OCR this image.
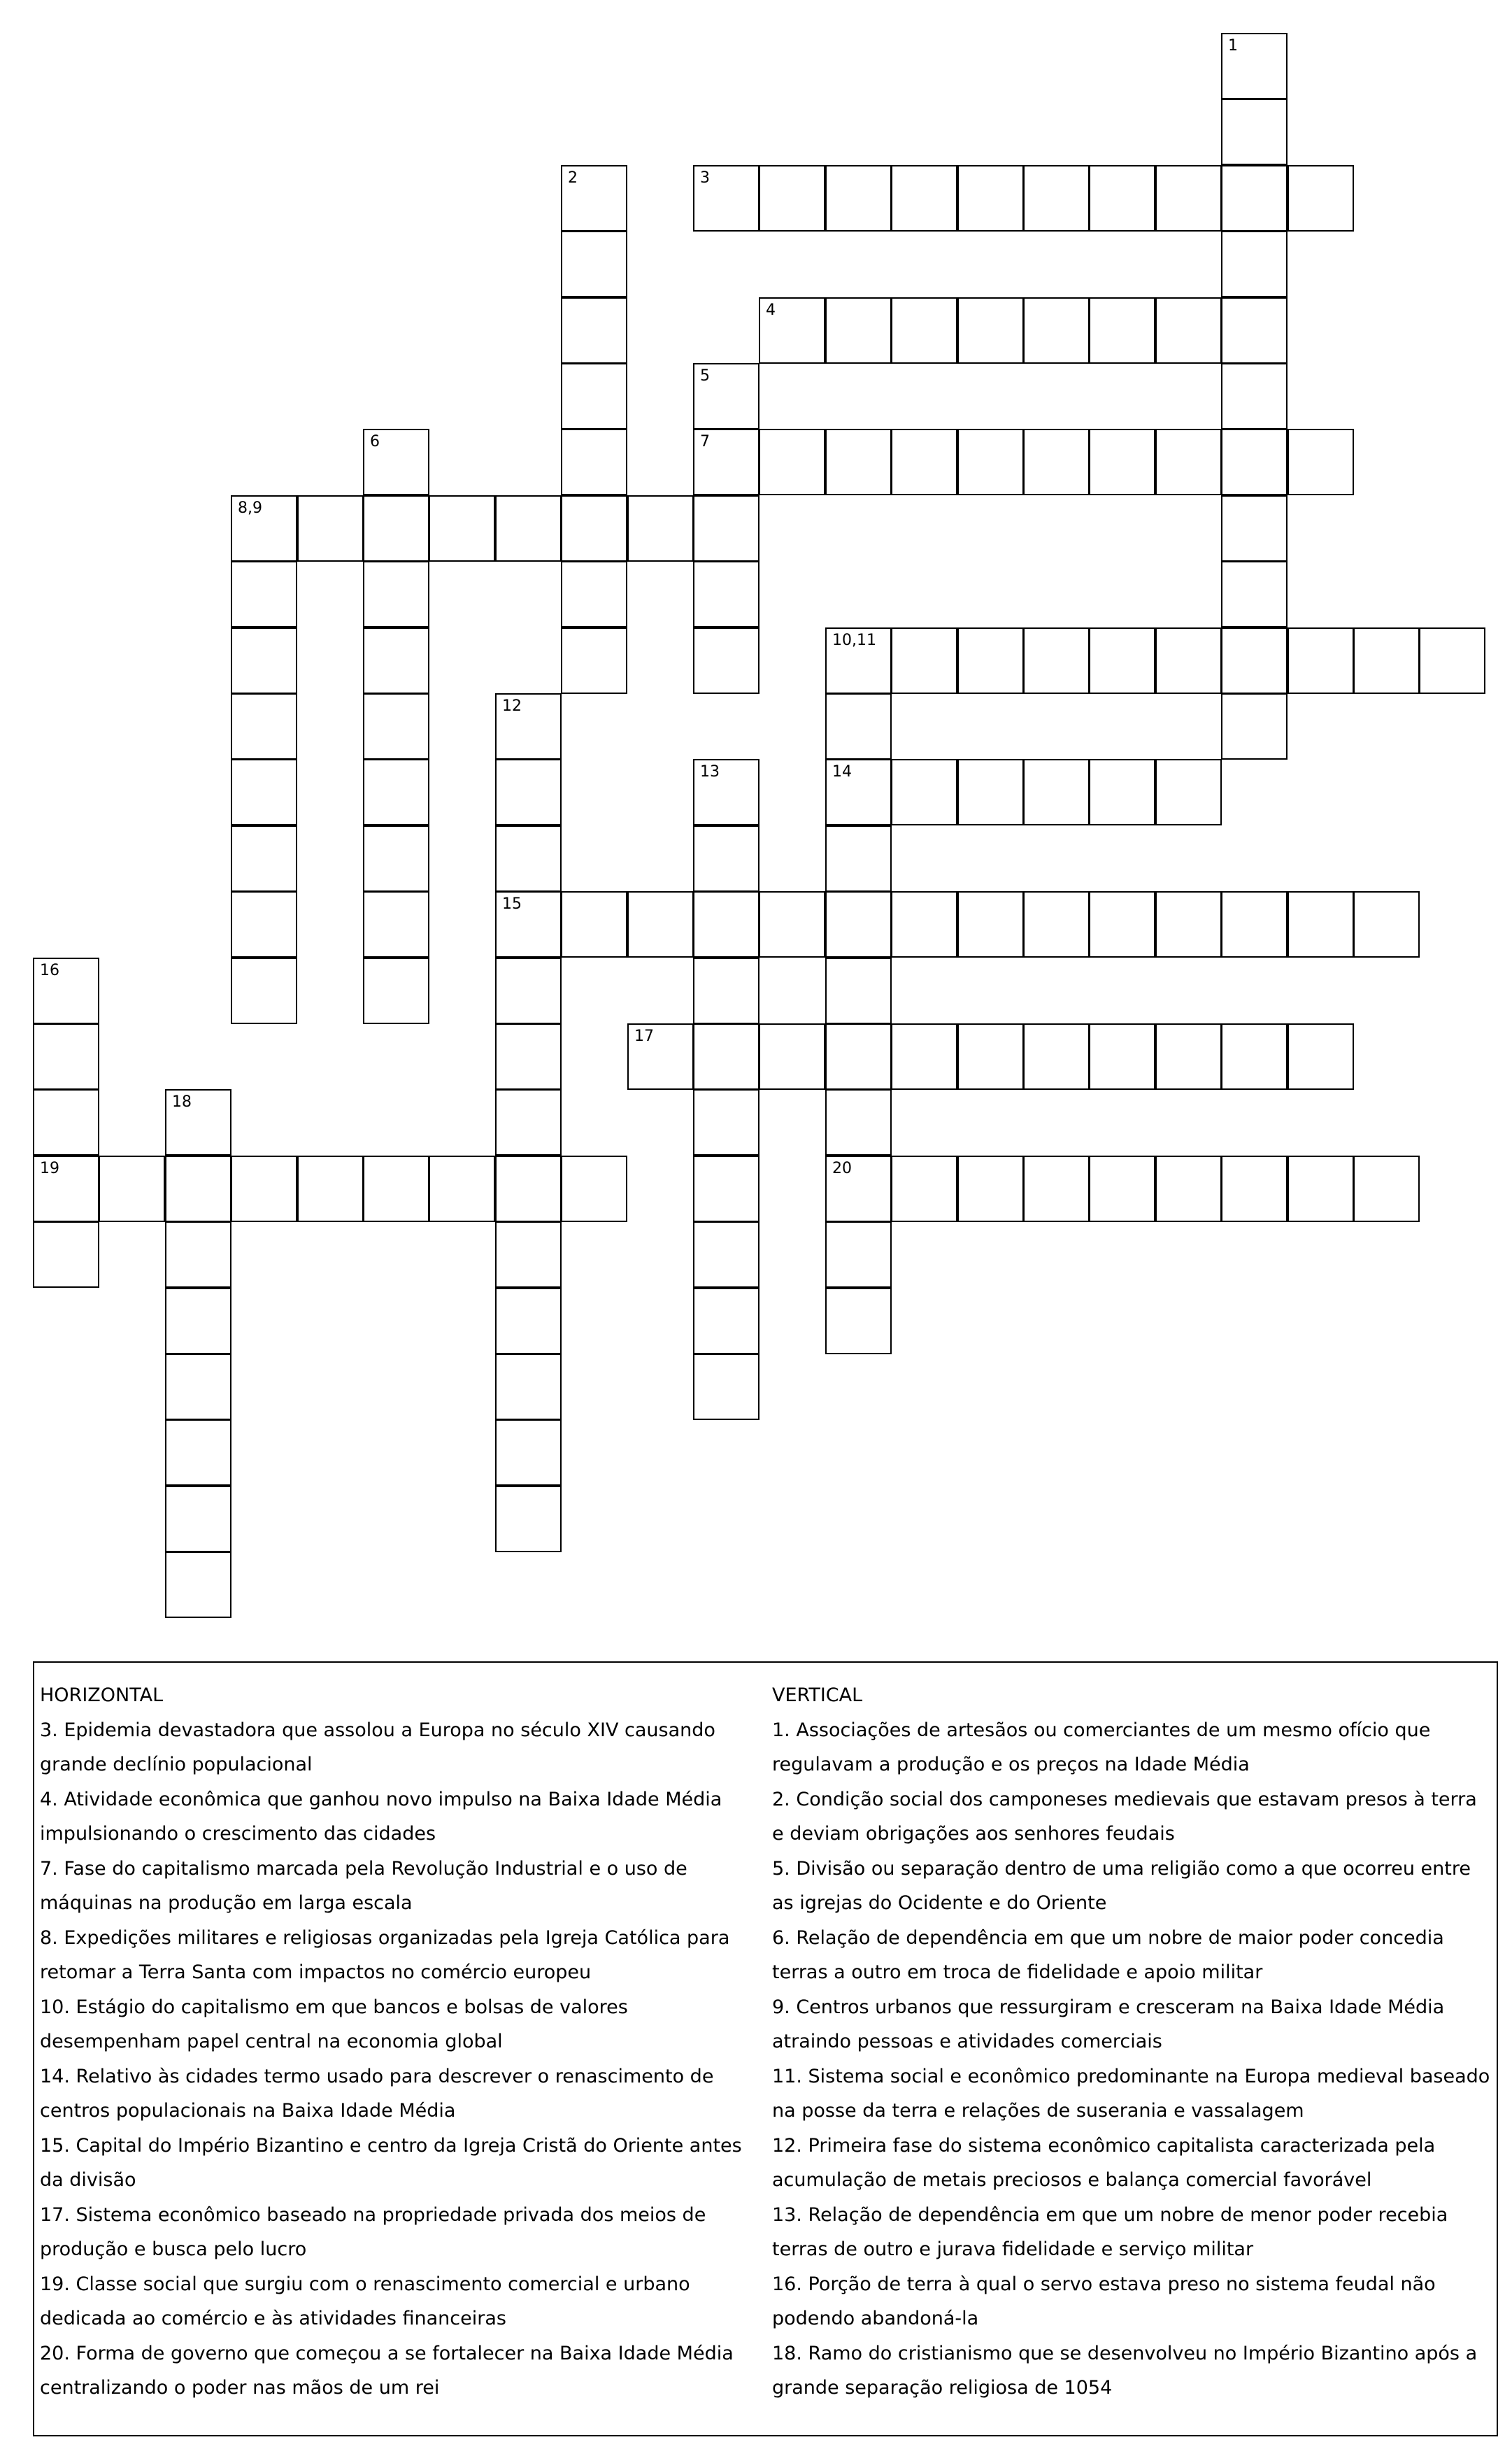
1
2	3
4
5
7
6
8,9
10,11
12
15
13	14
20
16
19
17
18

HORIZONTAL

3. Epidemia devastadora que assolou a Europa no século XIV causando grande declínio populacional

4. Atividade econômica que ganhou novo impulso na Baixa Idade Média impulsionando o crescimento das cidades

7. Fase do capitalismo marcada pela Revolução Industrial e o uso de máquinas na produção em larga escala

8. Expedições militares e religiosas organizadas pela Igreja Católica para retomar a Terra Santa com impactos no comércio europeu

10. Estágio do capitalismo em que bancos e bolsas de valores desempenham papel central na economia global

14. Relativo às cidades termo usado para descrever o renascimento de centros populacionais na Baixa Idade Média

15. Capital do Império Bizantino e centro da Igreja Cristã do Oriente antes da divisão

17. Sistema econômico baseado na propriedade privada dos meios de produção e busca pelo lucro

19. Classe social que surgiu com o renascimento comercial e urbano dedicada ao comércio e às atividades financeiras

20. Forma de governo que começou a se fortalecer na Baixa Idade Média centralizando o poder nas mãos de um rei

VERTICAL

1. Associações de artesãos ou comerciantes de um mesmo ofício que regulavam a produção e os preços na Idade Média

2. Condição social dos camponeses medievais que estavam presos à terra e deviam obrigações aos senhores feudais

5. Divisão ou separação dentro de uma religião como a que ocorreu entre as igrejas do Ocidente e do Oriente

6. Relação de dependência em que um nobre de maior poder concedia terras a outro em troca de fidelidade e apoio militar

9. Centros urbanos que ressurgiram e cresceram na Baixa Idade Média atraindo pessoas e atividades comerciais

11. Sistema social e econômico predominante na Europa medieval baseado na posse da terra e relações de suserania e vassalagem

12. Primeira fase do sistema econômico capitalista caracterizada pela acumulação de metais preciosos e balança comercial favorável

13. Relação de dependência em que um nobre de menor poder recebia terras de outro e jurava fidelidade e serviço militar

16. Porção de terra à qual o servo estava preso no sistema feudal não podendo abandoná-la

18. Ramo do cristianismo que se desenvolveu no Império Bizantino após a grande separação religiosa de 1054
